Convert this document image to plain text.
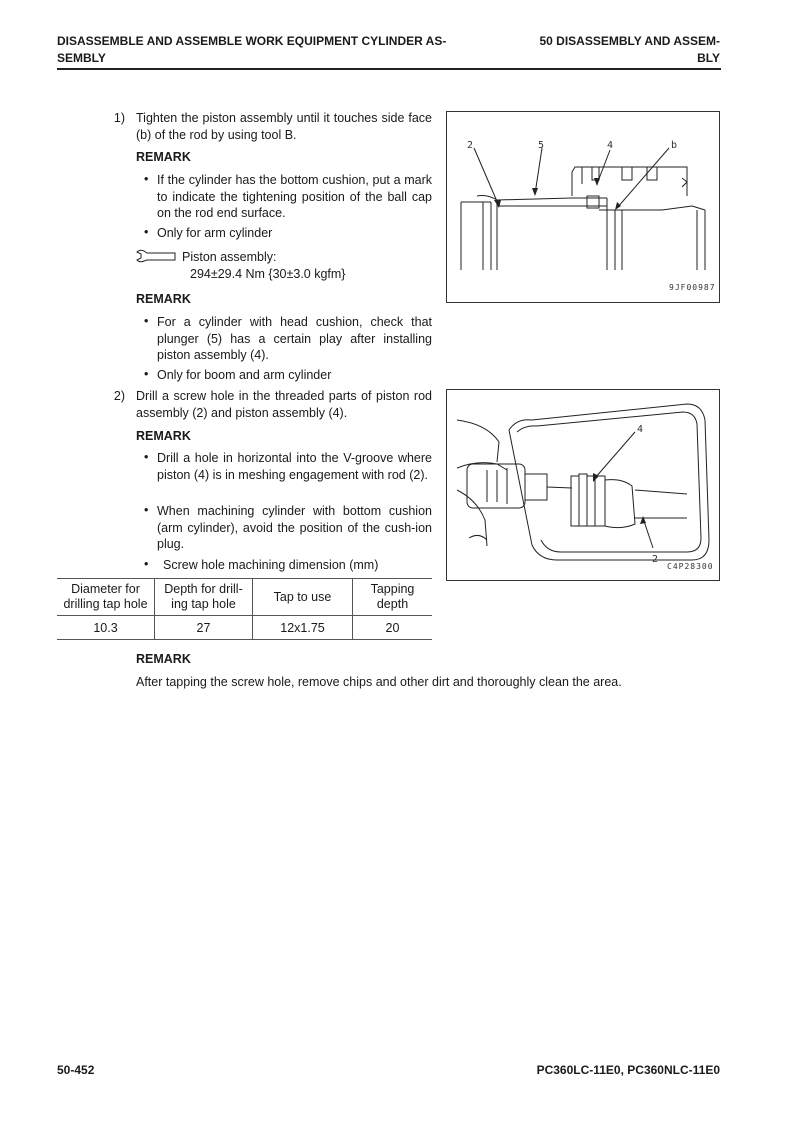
DISASSEMBLE AND ASSEMBLE WORK EQUIPMENT CYLINDER AS-
SEMBLY
50 DISASSEMBLY AND ASSEM-
BLY
1) Tighten the piston assembly until it touches side face (b) of the rod by using tool B.
REMARK
• If the cylinder has the bottom cushion, put a mark to indicate the tightening position of the ball cap on the rod end surface.
• Only for arm cylinder
Piston assembly:
294±29.4 Nm {30±3.0 kgfm}
REMARK
• For a cylinder with head cushion, check that plunger (5) has a certain play after installing piston assembly (4).
• Only for boom and arm cylinder
2	5	4	b
9JF00987
2) Drill a screw hole in the threaded parts of piston rod assembly (2) and piston assembly (4).
REMARK
• Drill a hole in horizontal into the V-groove where piston (4) is in meshing engagement with rod (2).
• When machining cylinder with bottom cushion (arm cylinder), avoid the position of the cush-ion plug.
• Screw hole machining dimension (mm)
4
2
C4P28300
Diameter for drilling tap hole	Depth for drill-ing tap hole	Tap to use	Tapping depth
10.3	27	12x1.75	20
REMARK
After tapping the screw hole, remove chips and other dirt and thoroughly clean the area.
50-452	PC360LC-11E0, PC360NLC-11E0
